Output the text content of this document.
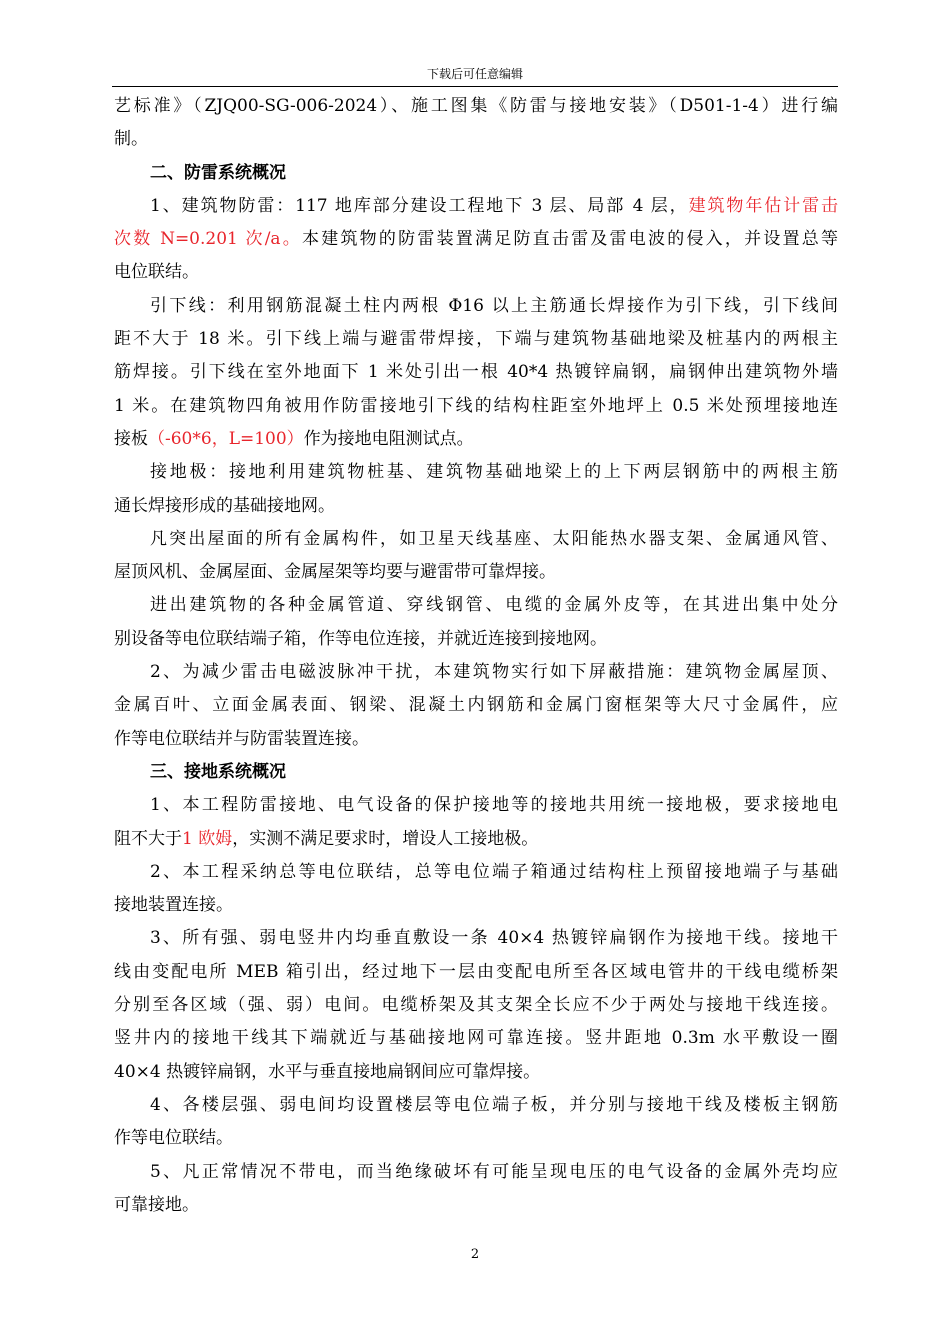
下载后可任意编辑
艺标准》（ZJQ00-SG-006-2024）、施工图集《防雷与接地安装》（D501-1-4）进行编
制。
二、防雷系统概况
1、建筑物防雷：117 地库部分建设工程地下 3 层、局部 4 层，建筑物年估计雷击
次数 N=0.201 次/a。本建筑物的防雷装置满足防直击雷及雷电波的侵入，并设置总等
电位联结。
引下线：利用钢筋混凝土柱内两根 Φ16 以上主筋通长焊接作为引下线，引下线间
距不大于 18 米。引下线上端与避雷带焊接，下端与建筑物基础地梁及桩基内的两根主
筋焊接。引下线在室外地面下 1 米处引出一根 40*4 热镀锌扁钢，扁钢伸出建筑物外墙
1 米。在建筑物四角被用作防雷接地引下线的结构柱距室外地坪上 0.5 米处预埋接地连
接板（-60*6，L=100）作为接地电阻测试点。
接地极：接地利用建筑物桩基、建筑物基础地梁上的上下两层钢筋中的两根主筋
通长焊接形成的基础接地网。
凡突出屋面的所有金属构件，如卫星天线基座、太阳能热水器支架、金属通风管、
屋顶风机、金属屋面、金属屋架等均要与避雷带可靠焊接。
进出建筑物的各种金属管道、穿线钢管、电缆的金属外皮等，在其进出集中处分
别设备等电位联结端子箱，作等电位连接，并就近连接到接地网。
2、为减少雷击电磁波脉冲干扰，本建筑物实行如下屏蔽措施：建筑物金属屋顶、
金属百叶、立面金属表面、钢梁、混凝土内钢筋和金属门窗框架等大尺寸金属件，应
作等电位联结并与防雷装置连接。
三、接地系统概况
1、本工程防雷接地、电气设备的保护接地等的接地共用统一接地极，要求接地电
阻不大于1 欧姆，实测不满足要求时，增设人工接地极。
2、本工程采纳总等电位联结，总等电位端子箱通过结构柱上预留接地端子与基础
接地装置连接。
3、所有强、弱电竖井内均垂直敷设一条 40×4 热镀锌扁钢作为接地干线。接地干
线由变配电所 MEB 箱引出，经过地下一层由变配电所至各区域电管井的干线电缆桥架
分别至各区域（强、弱）电间。电缆桥架及其支架全长应不少于两处与接地干线连接。
竖井内的接地干线其下端就近与基础接地网可靠连接。竖井距地 0.3m 水平敷设一圈
40×4 热镀锌扁钢，水平与垂直接地扁钢间应可靠焊接。
4、各楼层强、弱电间均设置楼层等电位端子板，并分别与接地干线及楼板主钢筋
作等电位联结。
5、凡正常情况不带电，而当绝缘破坏有可能呈现电压的电气设备的金属外壳均应
可靠接地。
2
